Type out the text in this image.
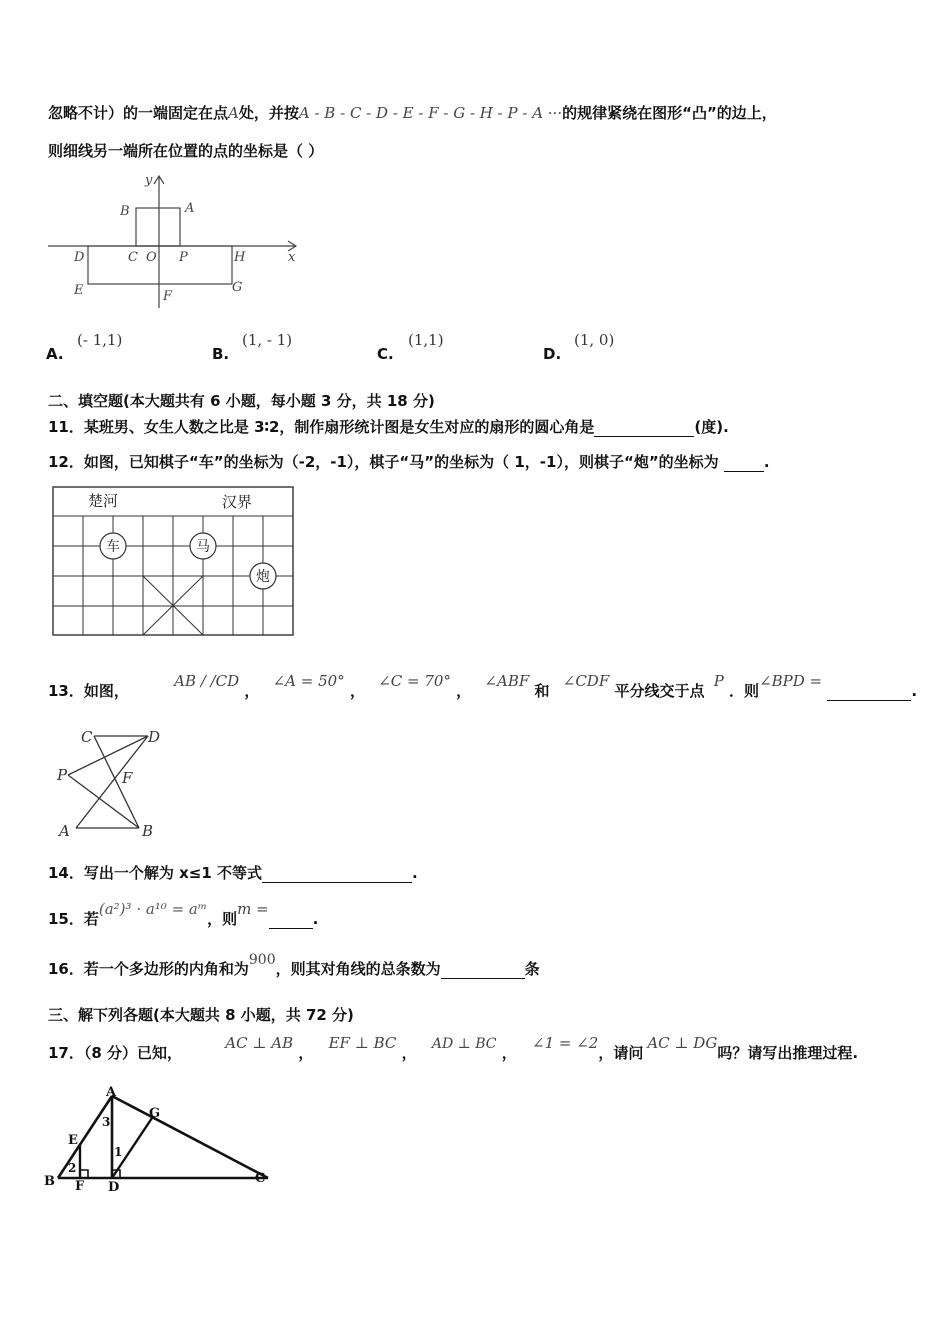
忽略不计）的一端固定在点A处，并按A - B - C - D - E - F - G - H - P - A ···的规律紧绕在图形“凸”的边上，
则细线另一端所在位置的点的坐标是（ ）
y
x
B	A
C O P
D	H
E	F
G
A.
(- 1,1)
B.
(1, - 1)
C.
(1,1)
D.
(1, 0)
二、填空题(本大题共有 6 小题，每小题 3 分，共 18 分)
11．某班男、女生人数之比是 3∶2，制作扇形统计图是女生对应的扇形的圆心角是	(度).
12．如图，已知棋子“车”的坐标为（-2，-1），棋子“马”的坐标为（ 1，-1），则棋子“炮”的坐标为	.
楚河	汉界
车	马
炮
13．如图， AB / /CD ， ∠A = 50° ， ∠C = 70° ， ∠ABF 和 ∠CDF 平分线交于点 P ．则∠BPD =  .
C	D
P	F
A	B
14．写出一个解为 x≤1 不等式	.
15．若(a²)³ · a¹⁰ = aᵐ，则m = .
16．若一个多边形的内角和为900，则其对角线的总条数为	条
三、解下列各题(本大题共 8 小题，共 72 分)
17．（8 分）已知， AC ⊥ AB ， EF ⊥ BC ， AD ⊥ BC ， ∠1 = ∠2，请问AC ⊥ DG吗？请写出推理过程.
A
B	C
D
E
F
G
1
2
3
